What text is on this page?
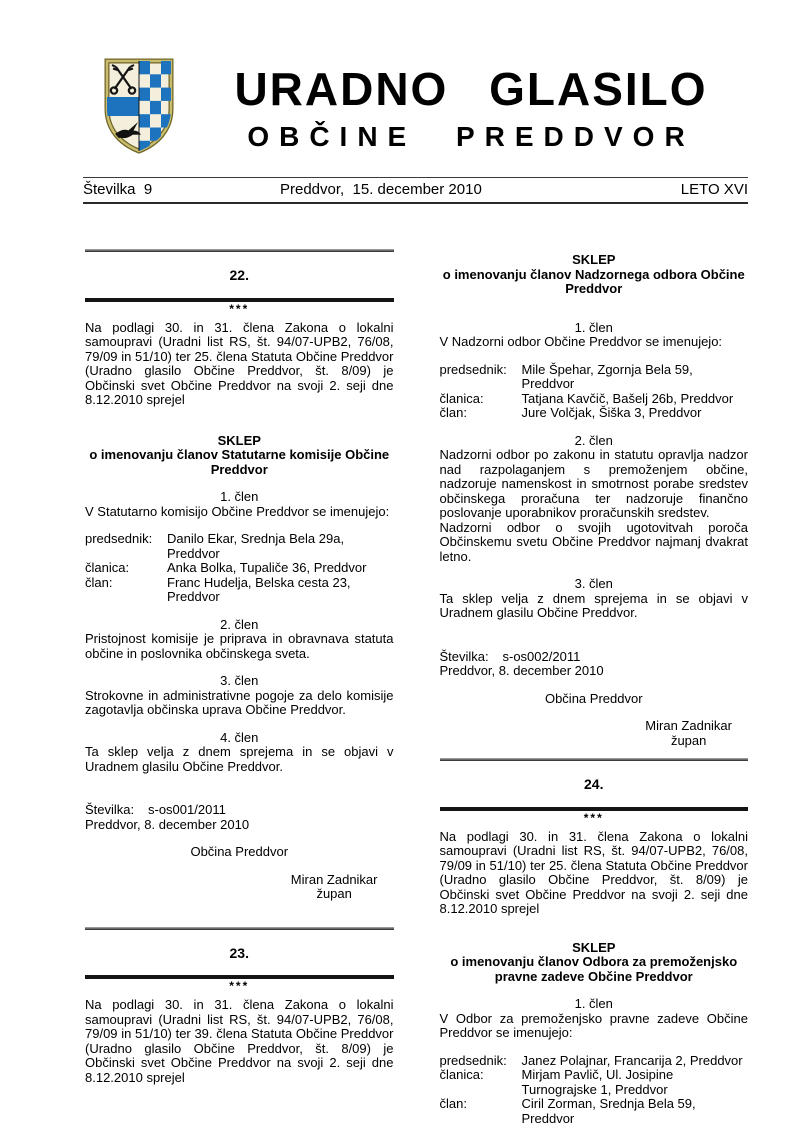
URADNO GLASILO
OBČINE PREDDVOR
Številka  9	Preddvor,  15. december 2010	LETO XVI
22.
***

Na podlagi 30. in 31. člena Zakona o lokalni samoupravi (Uradni list RS, št. 94/07-UPB2, 76/08, 79/09 in 51/10) ter 25. člena Statuta Občine Preddvor (Uradno glasilo Občine Preddvor, št. 8/09) je Občinski svet Občine Preddvor na svoji 2. seji dne 8.12.2010 sprejel

SKLEP
o imenovanju članov Statutarne komisije Občine Preddvor
1. člen
V Statutarno komisijo Občine Preddvor se imenujejo:
predsednik:	Danilo Ekar, Srednja Bela 29a, Preddvor
članica:	Anka Bolka, Tupaliče 36, Preddvor
član:	Franc Hudelja, Belska cesta 23, Preddvor
2. člen
Pristojnost komisije je priprava in obravnava statuta občine in poslovnika občinskega sveta.
3. člen
Strokovne in administrativne pogoje za delo komisije zagotavlja občinska uprava Občine Preddvor.
4. člen
Ta sklep velja z dnem sprejema in se objavi v Uradnem glasilu Občine Preddvor.
Številka:	s-os001/2011
Preddvor, 8. december 2010
Občina Preddvor
Miran Zadnikar
župan
23.
***

Na podlagi 30. in 31. člena Zakona o lokalni samoupravi (Uradni list RS, št. 94/07-UPB2, 76/08, 79/09 in 51/10) ter 39. člena Statuta Občine Preddvor (Uradno glasilo Občine Preddvor, št. 8/09) je Občinski svet Občine Preddvor na svoji 2. seji dne 8.12.2010 sprejel

SKLEP
o imenovanju članov Nadzornega odbora Občine Preddvor
1. člen
V Nadzorni odbor Občine Preddvor se imenujejo:
predsednik:	Mile Špehar, Zgornja Bela 59, Preddvor
članica:	Tatjana Kavčič, Bašelj 26b, Preddvor
član:	Jure Volčjak, Šiška 3, Preddvor
2. člen
Nadzorni odbor po zakonu in statutu opravlja nadzor nad razpolaganjem s premoženjem občine, nadzoruje namenskost in smotrnost porabe sredstev občinskega proračuna ter nadzoruje finančno poslovanje uporabnikov proračunskih sredstev.
Nadzorni odbor o svojih ugotovitvah poroča Občinskemu svetu Občine Preddvor najmanj dvakrat letno.
3. člen
Ta sklep velja z dnem sprejema in se objavi v Uradnem glasilu Občine Preddvor.
Številka:	s-os002/2011
Preddvor, 8. december 2010
Občina Preddvor
Miran Zadnikar
župan
24.
***

Na podlagi 30. in 31. člena Zakona o lokalni samoupravi (Uradni list RS, št. 94/07-UPB2, 76/08, 79/09 in 51/10) ter 25. člena Statuta Občine Preddvor (Uradno glasilo Občine Preddvor, št. 8/09) je Občinski svet Občine Preddvor na svoji 2. seji dne 8.12.2010 sprejel

SKLEP
o imenovanju članov Odbora za premoženjsko pravne zadeve Občine Preddvor
1. člen
V Odbor za premoženjsko pravne zadeve Občine Preddvor se imenujejo:
predsednik:	Janez Polajnar, Francarija 2, Preddvor
članica:	Mirjam Pavlič, Ul. Josipine Turnograjske 1, Preddvor
član:	Ciril Zorman, Srednja Bela 59, Preddvor
